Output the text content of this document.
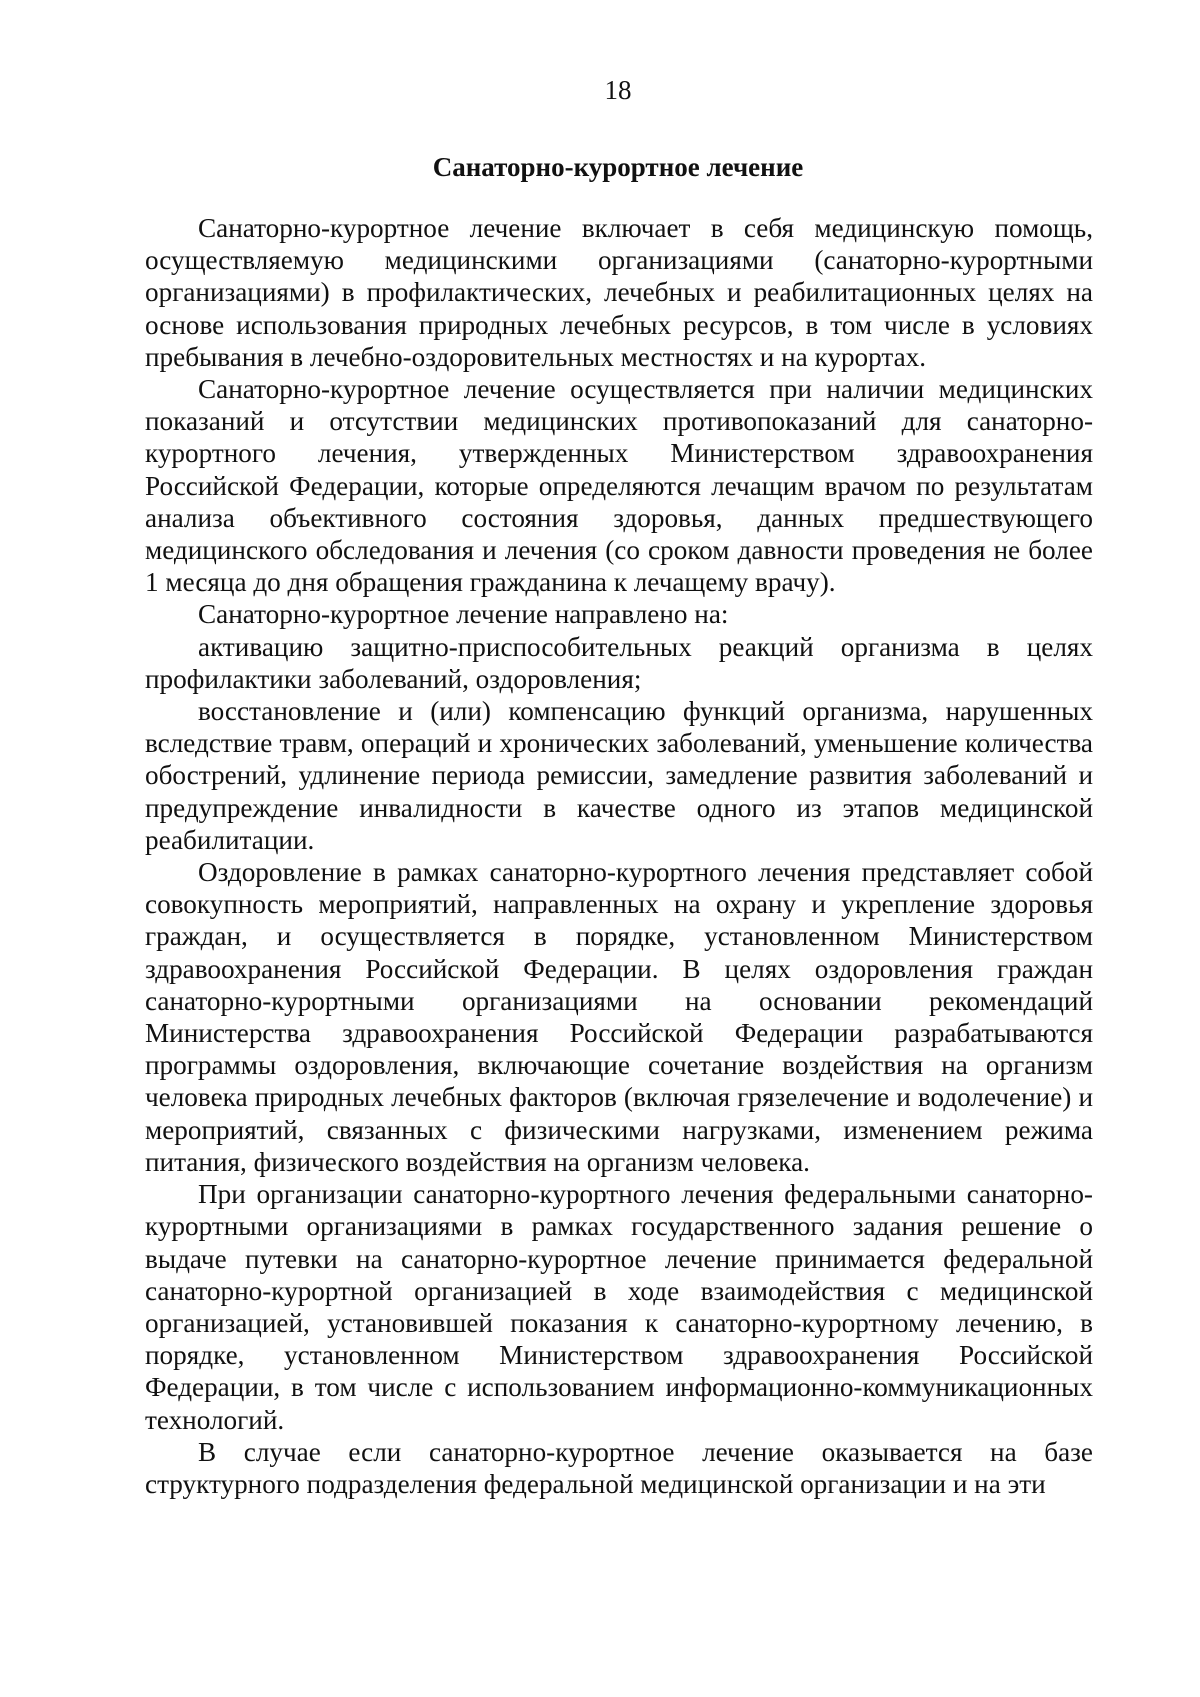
18
Санаторно-курортное лечение

Санаторно-курортное лечение включает в себя медицинскую помощь, осуществляемую медицинскими организациями (санаторно-курортными организациями) в профилактических, лечебных и реабилитационных целях на основе использования природных лечебных ресурсов, в том числе в условиях пребывания в лечебно-оздоровительных местностях и на курортах.

Санаторно-курортное лечение осуществляется при наличии медицинских показаний и отсутствии медицинских противопоказаний для санаторно-курортного лечения, утвержденных Министерством здравоохранения Российской Федерации, которые определяются лечащим врачом по результатам анализа объективного состояния здоровья, данных предшествующего медицинского обследования и лечения (со сроком давности проведения не более 1 месяца до дня обращения гражданина к лечащему врачу).

Санаторно-курортное лечение направлено на:

активацию защитно-приспособительных реакций организма в целях профилактики заболеваний, оздоровления;

восстановление и (или) компенсацию функций организма, нарушенных вследствие травм, операций и хронических заболеваний, уменьшение количества обострений, удлинение периода ремиссии, замедление развития заболеваний и предупреждение инвалидности в качестве одного из этапов медицинской реабилитации.

Оздоровление в рамках санаторно-курортного лечения представляет собой совокупность мероприятий, направленных на охрану и укрепление здоровья граждан, и осуществляется в порядке, установленном Министерством здравоохранения Российской Федерации. В целях оздоровления граждан санаторно-курортными организациями на основании рекомендаций Министерства здравоохранения Российской Федерации разрабатываются программы оздоровления, включающие сочетание воздействия на организм человека природных лечебных факторов (включая грязелечение и водолечение) и мероприятий, связанных с физическими нагрузками, изменением режима питания, физического воздействия на организм человека.

При организации санаторно-курортного лечения федеральными санаторно-курортными организациями в рамках государственного задания решение о выдаче путевки на санаторно-курортное лечение принимается федеральной санаторно-курортной организацией в ходе взаимодействия с медицинской организацией, установившей показания к санаторно-курортному лечению, в порядке, установленном Министерством здравоохранения Российской Федерации, в том числе с использованием информационно-коммуникационных технологий.

В случае если санаторно-курортное лечение оказывается на базе структурного подразделения федеральной медицинской организации и на эти
